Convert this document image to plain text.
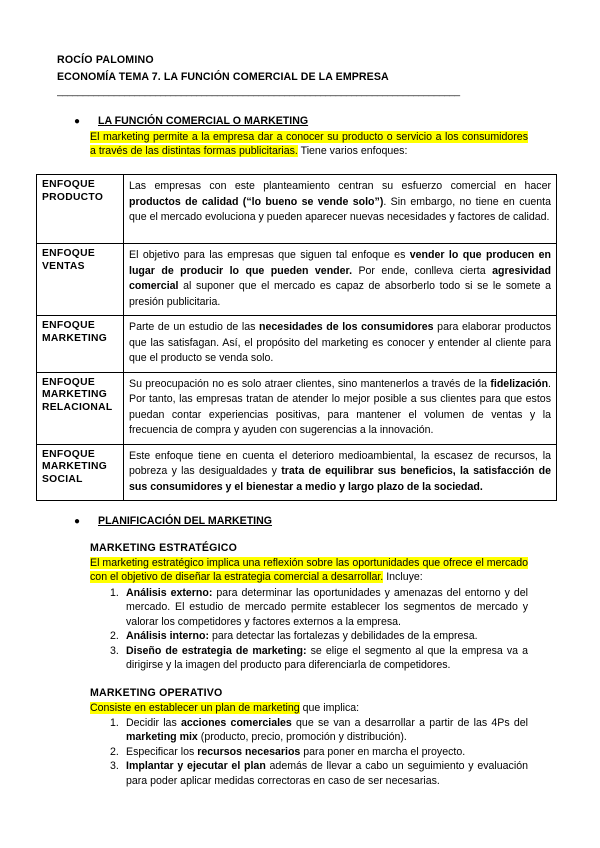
ROCÍO PALOMINO
ECONOMÍA TEMA 7. LA FUNCIÓN COMERCIAL DE LA EMPRESA
______________________________________________________________________________
●	LA FUNCIÓN COMERCIAL O MARKETING
El marketing permite a la empresa dar a conocer su producto o servicio a los consumidores a través de las distintas formas publicitarias. Tiene varios enfoques:
ENFOQUE PRODUCTO	Las empresas con este planteamiento centran su esfuerzo comercial en hacer productos de calidad (“lo bueno se vende solo”). Sin embargo, no tiene en cuenta que el mercado evoluciona y pueden aparecer nuevas necesidades y factores de calidad.
ENFOQUE VENTAS	El objetivo para las empresas que siguen tal enfoque es vender lo que producen en lugar de producir lo que pueden vender. Por ende, conlleva cierta agresividad comercial al suponer que el mercado es capaz de absorberlo todo si se le somete a presión publicitaria.
ENFOQUE MARKETING	Parte de un estudio de las necesidades de los consumidores para elaborar productos que las satisfagan. Así, el propósito del marketing es conocer y entender al cliente para que el producto se venda solo.
ENFOQUE MARKETING RELACIONAL	Su preocupación no es solo atraer clientes, sino mantenerlos a través de la fidelización. Por tanto, las empresas tratan de atender lo mejor posible a sus clientes para que estos puedan contar experiencias positivas, para mantener el volumen de ventas y la frecuencia de compra y ayuden con sugerencias a la innovación.
ENFOQUE MARKETING SOCIAL	Este enfoque tiene en cuenta el deterioro medioambiental, la escasez de recursos, la pobreza y las desigualdades y trata de equilibrar sus beneficios, la satisfacción de sus consumidores y el bienestar a medio y largo plazo de la sociedad.
●	PLANIFICACIÓN DEL MARKETING
MARKETING ESTRATÉGICO
El marketing estratégico implica una reflexión sobre las oportunidades que ofrece el mercado con el objetivo de diseñar la estrategia comercial a desarrollar. Incluye:
1. Análisis externo: para determinar las oportunidades y amenazas del entorno y del mercado. El estudio de mercado permite establecer los segmentos de mercado y valorar los competidores y factores externos a la empresa.
2. Análisis interno: para detectar las fortalezas y debilidades de la empresa.
3. Diseño de estrategia de marketing: se elige el segmento al que la empresa va a dirigirse y la imagen del producto para diferenciarla de competidores.
MARKETING OPERATIVO
Consiste en establecer un plan de marketing que implica:
1. Decidir las acciones comerciales que se van a desarrollar a partir de las 4Ps del marketing mix (producto, precio, promoción y distribución).
2. Especificar los recursos necesarios para poner en marcha el proyecto.
3. Implantar y ejecutar el plan además de llevar a cabo un seguimiento y evaluación para poder aplicar medidas correctoras en caso de ser necesarias.
